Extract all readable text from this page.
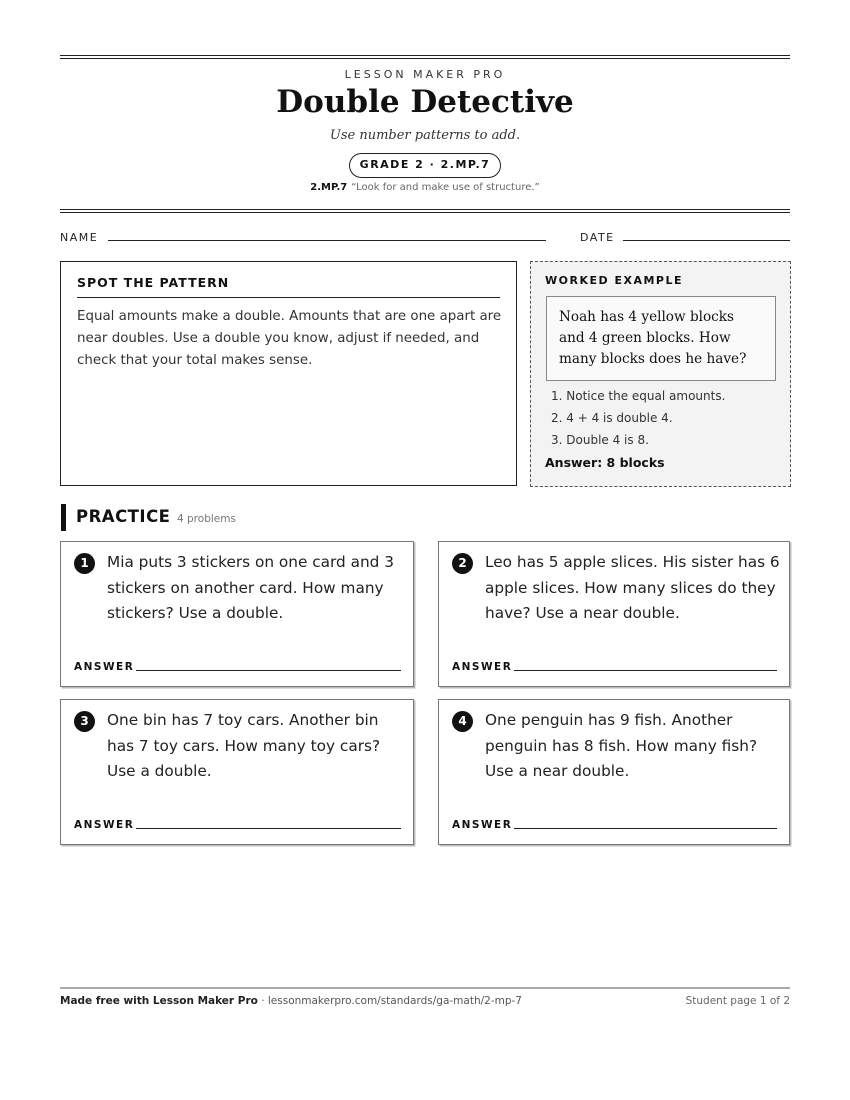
LESSON MAKER PRO
Double Detective
Use number patterns to add.
GRADE 2 · 2.MP.7
2.MP.7 “Look for and make use of structure.”
NAME	DATE
SPOT THE PATTERN
Equal amounts make a double. Amounts that are one apart are near doubles. Use a double you know, adjust if needed, and check that your total makes sense.
WORKED EXAMPLE
Noah has 4 yellow blocks and 4 green blocks. How many blocks does he have?
1. Notice the equal amounts.
2. 4 + 4 is double 4.
3. Double 4 is 8.
Answer: 8 blocks
PRACTICE 4 problems
1	Mia puts 3 stickers on one card and 3 stickers on another card. How many stickers? Use a double.
ANSWER
2	Leo has 5 apple slices. His sister has 6 apple slices. How many slices do they have? Use a near double.
ANSWER
3	One bin has 7 toy cars. Another bin has 7 toy cars. How many toy cars? Use a double.
ANSWER
4	One penguin has 9 fish. Another penguin has 8 fish. How many fish? Use a near double.
ANSWER
Made free with Lesson Maker Pro · lessonmakerpro.com/standards/ga-math/2-mp-7	Student page 1 of 2
